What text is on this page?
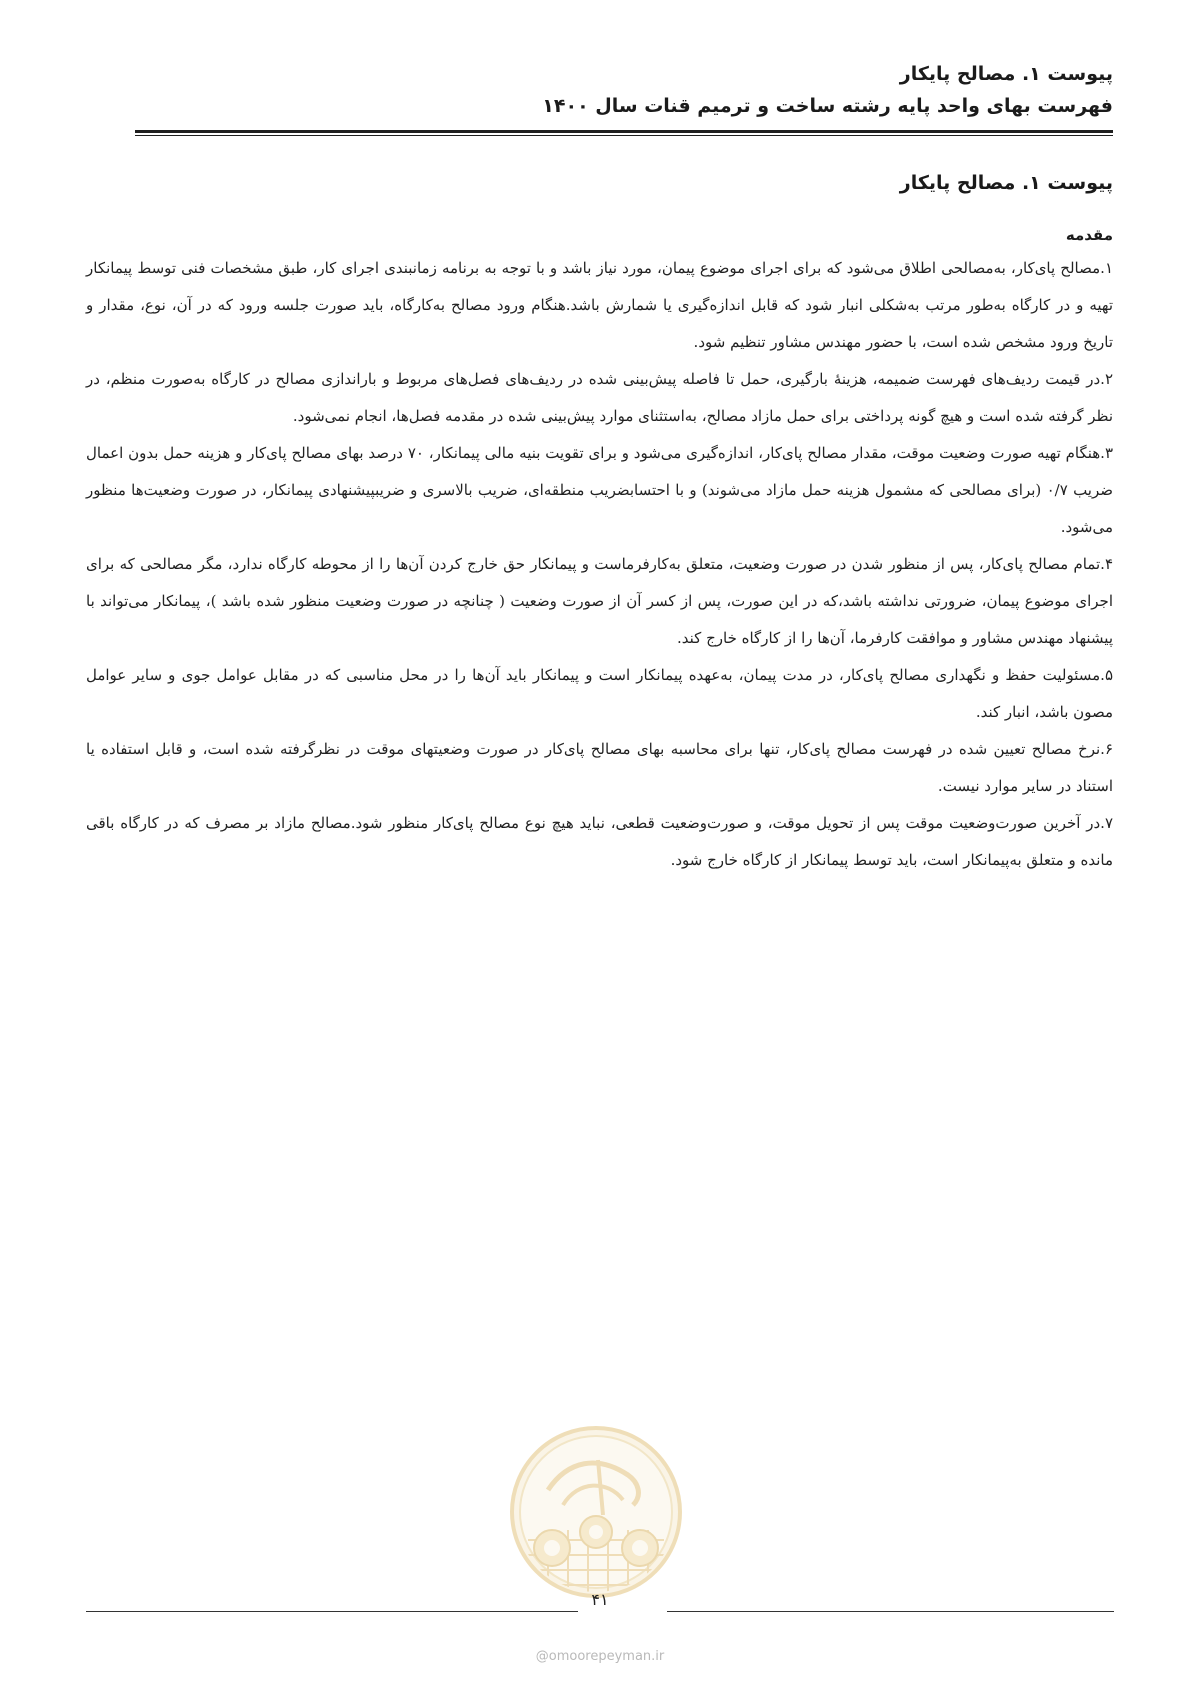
پیوست ۱. مصالح پایکار
فهرست بهای واحد پایه رشته ساخت و ترمیم قنات سال ۱۴۰۰
پیوست ۱. مصالح پایکار
مقدمه

۱.مصالح پای‌کار، به‌مصالحی اطلاق می‌شود که برای اجرای موضوع پیمان، مورد نیاز باشد و با توجه به برنامه زمانبندی اجرای کار، طبق مشخصات فنی توسط پیمانکار تهیه و در کارگاه به‌طور مرتب به‌شکلی انبار شود که قابل اندازه‌گیری یا شمارش باشد.هنگام ورود مصالح به‌کارگاه، باید صورت جلسه ورود که در آن، نوع، مقدار و تاریخ ورود مشخص شده است، با حضور مهندس مشاور تنظیم شود.

۲.در قیمت ردیف‌های فهرست ضمیمه، هزینهٔ بارگیری، حمل تا فاصله پیش‌بینی شده در ردیف‌های فصل‌های مربوط و باراندازی مصالح در کارگاه به‌صورت منظم، در نظر گرفته شده است و هیچ گونه پرداختی برای حمل مازاد مصالح، به‌استثنای موارد پیش‌بینی شده در مقدمه فصل‌ها، انجام نمی‌شود.

۳.هنگام تهیه صورت وضعیت موقت، مقدار مصالح پای‌کار، اندازه‌گیری می‌شود و برای تقویت بنیه مالی پیمانکار، ۷۰ درصد بهای مصالح پای‌کار و هزینه حمل بدون اعمال ضریب ۰/۷ (برای مصالحی که مشمول هزینه حمل مازاد می‌شوند) و با احتسابضریب منطقه‌ای، ضریب بالاسری و ضریبپیشنهادی پیمانکار، در صورت وضعیت‌ها منظور می‌شود.

۴.تمام مصالح پای‌کار، پس از منظور شدن در صورت وضعیت، متعلق به‌کارفرماست و پیمانکار حق خارج کردن آن‌ها را از محوطه کارگاه ندارد، مگر مصالحی که برای اجرای موضوع پیمان، ضرورتی نداشته باشد،که در این صورت، پس از کسر آن از صورت وضعیت ( چنانچه در صورت وضعیت منظور شده باشد )، پیمانکار می‌تواند با پیشنهاد مهندس مشاور و موافقت کارفرما، آن‌ها را از کارگاه خارج کند.

۵.مسئولیت حفظ و نگهداری مصالح پای‌کار، در مدت پیمان، به‌عهده پیمانکار است و پیمانکار باید آن‌ها را در محل مناسبی که در مقابل عوامل جوی و سایر عوامل مصون باشد، انبار کند.

۶.نرخ مصالح تعیین شده در فهرست مصالح پای‌کار، تنها برای محاسبه بهای مصالح پای‌کار در صورت وضعیتهای موقت در نظرگرفته شده است، و قابل استفاده یا استناد در سایر موارد نیست.

۷.در آخرین صورت‌وضعیت موقت پس از تحویل موقت، و صورت‌وضعیت قطعی، نباید هیچ نوع مصالح پای‌کار منظور شود.مصالح مازاد بر مصرف که در کارگاه باقی مانده و متعلق به‌پیمانکار است، باید توسط پیمانکار از کارگاه خارج شود.

۴۱
@omoorepeyman.ir
